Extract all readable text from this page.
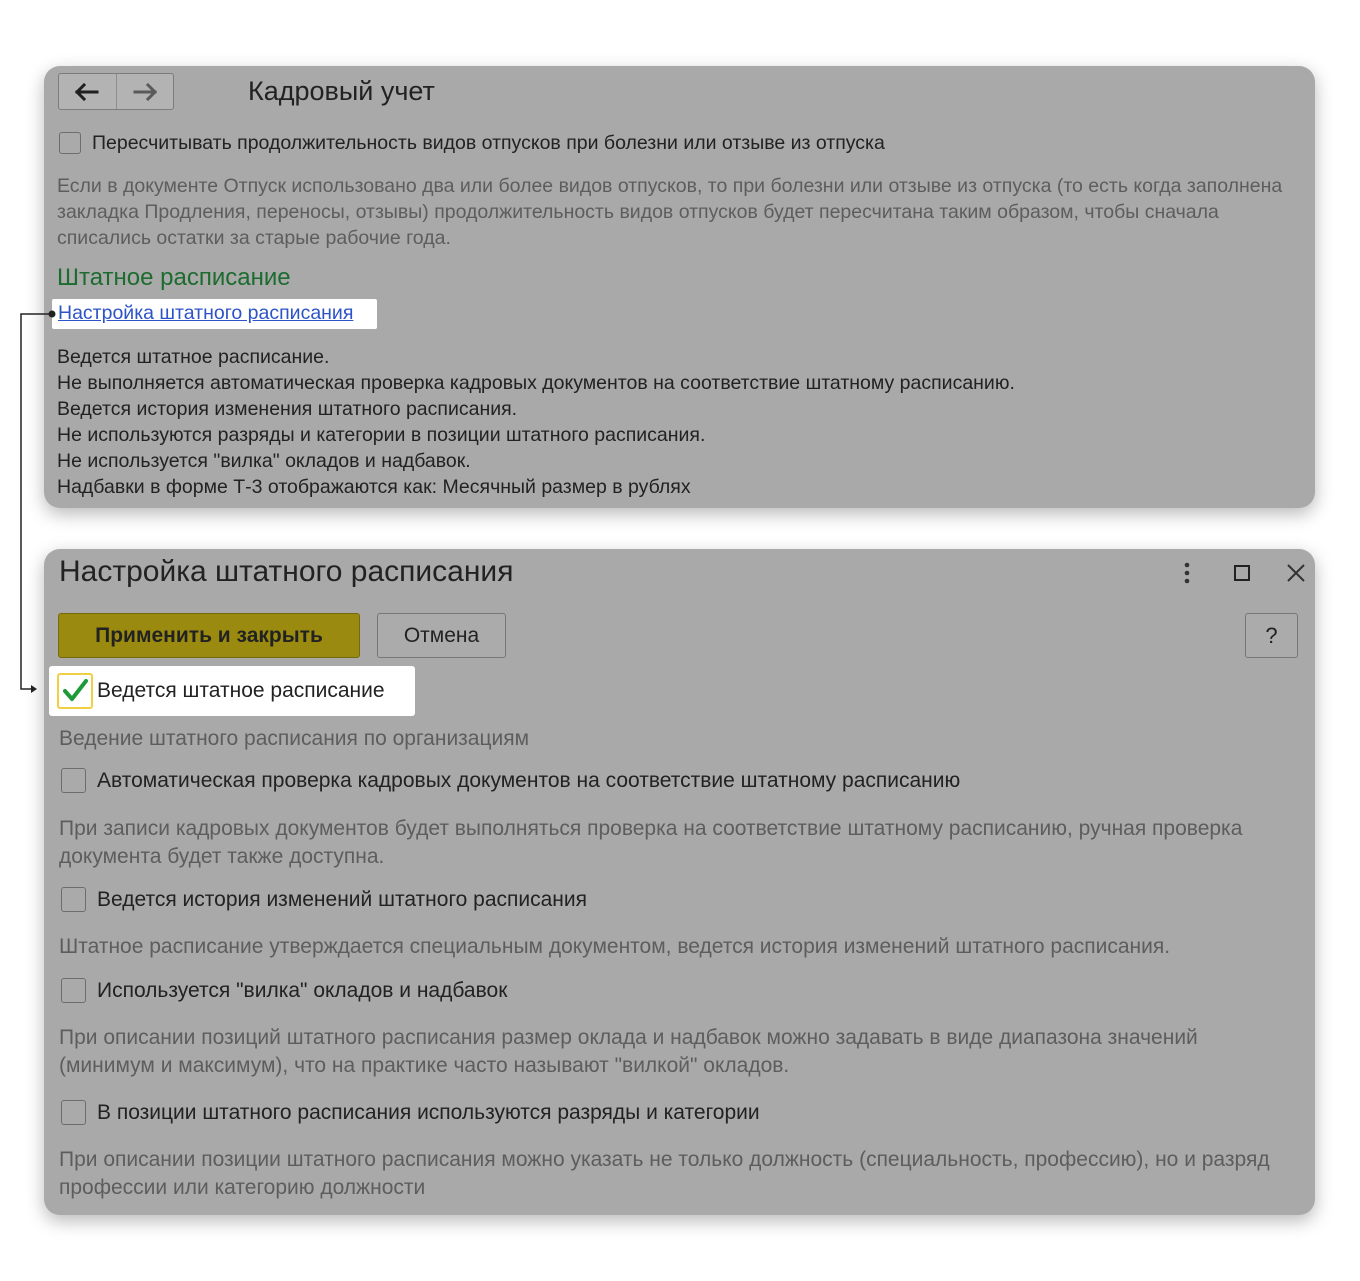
Кадровый учет
Пересчитывать продолжительность видов отпусков при болезни или отзыве из отпуска
Если в документе Отпуск использовано два или более видов отпусков, то при болезни или отзыве из отпуска (то есть когда заполнена закладка Продления, переносы, отзывы) продолжительность видов отпусков будет пересчитана таким образом, чтобы сначала списались остатки за старые рабочие года.
Штатное расписание
Настройка штатного расписания
Ведется штатное расписание.
Не выполняется автоматическая проверка кадровых документов на соответствие штатному расписанию.
Ведется история изменения штатного расписания.
Не используются разряды и категории в позиции штатного расписания.
Не используется "вилка" окладов и надбавок.
Надбавки в форме Т-3 отображаются как: Месячный размер в рублях
Настройка штатного расписания
Применить и закрыть	Отмена	?
Ведется штатное расписание
Ведение штатного расписания по организациям
Автоматическая проверка кадровых документов на соответствие штатному расписанию
При записи кадровых документов будет выполняться проверка на соответствие штатному расписанию, ручная проверка документа будет также доступна.
Ведется история изменений штатного расписания
Штатное расписание утверждается специальным документом, ведется история изменений штатного расписания.
Используется "вилка" окладов и надбавок
При описании позиций штатного расписания размер оклада и надбавок можно задавать в виде диапазона значений (минимум и максимум), что на практике часто называют "вилкой" окладов.
В позиции штатного расписания используются разряды и категории
При описании позиции штатного расписания можно указать не только должность (специальность, профессию), но и разряд профессии или категорию должности
